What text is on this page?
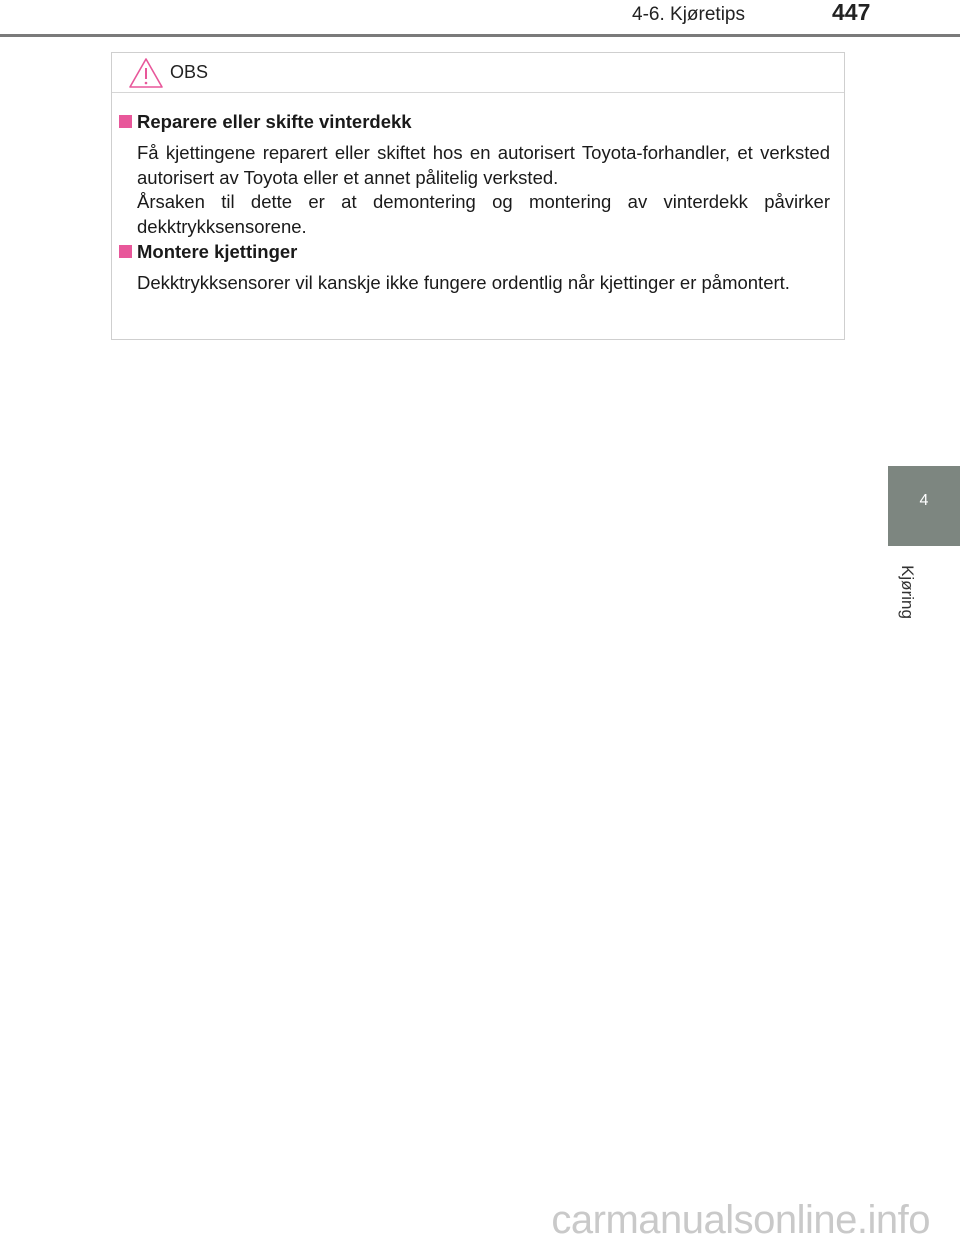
4-6. Kjøretips	447
4
Kjøring
OBS
Reparere eller skifte vinterdekk

Få kjettingene reparert eller skiftet hos en autorisert Toyota-forhandler, et verksted autorisert av Toyota eller et annet pålitelig verksted.

Årsaken til dette er at demontering og montering av vinterdekk påvirker dekktrykksensorene.

Montere kjettinger

Dekktrykksensorer vil kanskje ikke fungere ordentlig når kjettinger er påmontert.

carmanualsonline.info
